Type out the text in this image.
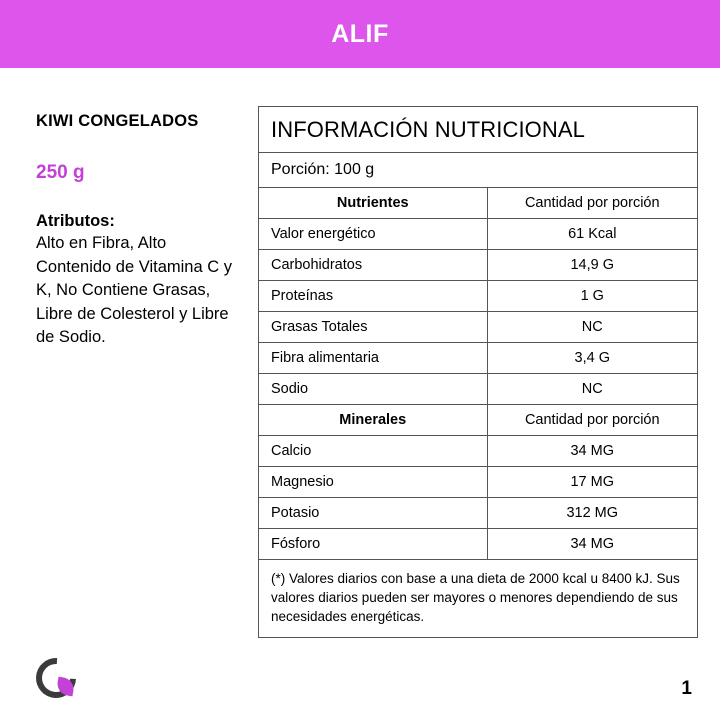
ALIF
KIWI CONGELADOS
250 g
Atributos:
Alto en Fibra, Alto Contenido de Vitamina C y K, No Contiene Grasas, Libre de Colesterol y Libre de Sodio.
INFORMACIÓN NUTRICIONAL
Porción: 100 g
Nutrientes	Cantidad por porción
Valor energético	61 Kcal
Carbohidratos	14,9 G
Proteínas	1 G
Grasas Totales	NC
Fibra alimentaria	3,4 G
Sodio	NC
Minerales	Cantidad por porción
Calcio	34 MG
Magnesio	17 MG
Potasio	312 MG
Fósforo	34 MG
(*) Valores diarios con base a una dieta de 2000 kcal u 8400 kJ. Sus valores diarios pueden ser mayores o menores dependiendo de sus necesidades energéticas.
1
